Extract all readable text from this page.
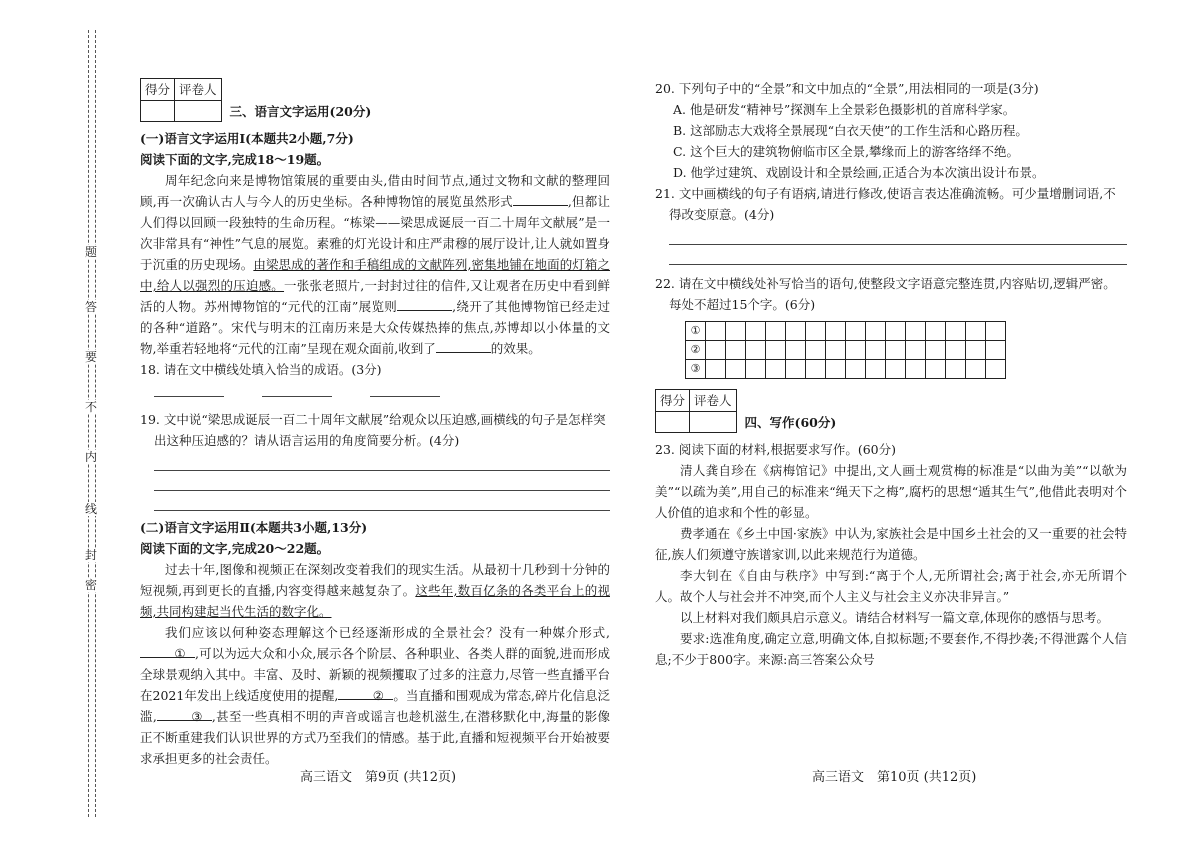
题
答
要
不
内
线
封
密
得分	评卷人

三、语言文字运用(20分)
(一)语言文字运用Ⅰ(本题共2小题,7分)
阅读下面的文字,完成18～19题。
周年纪念向来是博物馆策展的重要由头,借由时间节点,通过文物和文献的整理回顾,再一次确认古人与今人的历史坐标。各种博物馆的展览虽然形式	,但都让人们得以回顾一段独特的生命历程。“栋梁——梁思成诞辰一百二十周年文献展”是一次非常具有“神性”气息的展览。素雅的灯光设计和庄严肃穆的展厅设计,让人就如置身于沉重的历史现场。由梁思成的著作和手稿组成的文献阵列,密集地铺在地面的灯箱之中,给人以强烈的压迫感。一张张老照片,一封封过往的信件,又让观者在历史中看到鲜活的人物。苏州博物馆的“元代的江南”展览则	,绕开了其他博物馆已经走过的各种“道路”。宋代与明末的江南历来是大众传媒热捧的焦点,苏博却以小体量的文物,举重若轻地将“元代的江南”呈现在观众面前,收到了	的效果。
18. 请在文中横线处填入恰当的成语。(3分)
19. 文中说“梁思成诞辰一百二十周年文献展”给观众以压迫感,画横线的句子是怎样突出这种压迫感的？请从语言运用的角度简要分析。(4分)
(二)语言文字运用Ⅱ(本题共3小题,13分)
阅读下面的文字,完成20～22题。
过去十年,图像和视频正在深刻改变着我们的现实生活。从最初十几秒到十分钟的短视频,再到更长的直播,内容变得越来越复杂了。这些年,数百亿条的各类平台上的视频,共同构建起当代生活的数字化。
我们应该以何种姿态理解这个已经逐渐形成的全景社会？没有一种媒介形式,① ,可以为远大众和小众,展示各个阶层、各种职业、各类人群的面貌,进而形成全球景观纳入其中。丰富、及时、新颖的视频攫取了过多的注意力,尽管一些直播平台在2021年发出上线适度使用的提醒,	② 。当直播和围观成为常态,碎片化信息泛滥,	③ ,甚至一些真相不明的声音或谣言也趁机滋生,在潜移默化中,海量的影像正不断重建我们认识世界的方式乃至我们的情感。基于此,直播和短视频平台开始被要求承担更多的社会责任。
高三语文　第9页 (共12页)
20. 下列句子中的“全景”和文中加点的“全景”,用法相同的一项是(3分)
A. 他是研发“精神号”探测车上全景彩色摄影机的首席科学家。
B. 这部励志大戏将全景展现“白衣天使”的工作生活和心路历程。
C. 这个巨大的建筑物俯临市区全景,攀缘而上的游客络绎不绝。
D. 他学过建筑、戏剧设计和全景绘画,正适合为本次演出设计布景。
21. 文中画横线的句子有语病,请进行修改,使语言表达准确流畅。可少量增删词语,不得改变原意。(4分)
22. 请在文中横线处补写恰当的语句,使整段文字语意完整连贯,内容贴切,逻辑严密。每处不超过15个字。(6分)
①															
②															
③															
得分	评卷人

四、写作(60分)
23. 阅读下面的材料,根据要求写作。(60分)
清人龚自珍在《病梅馆记》中提出,文人画士观赏梅的标准是“以曲为美”“以欹为美”“以疏为美”,用自己的标准来“绳天下之梅”,腐朽的思想“遁其生气”,他借此表明对个人价值的追求和个性的彰显。
费孝通在《乡土中国·家族》中认为,家族社会是中国乡土社会的又一重要的社会特征,族人们须遵守族谱家训,以此来规范行为道德。
李大钊在《自由与秩序》中写到:“离于个人,无所谓社会;离于社会,亦无所谓个人。故个人与社会并不冲突,而个人主义与社会主义亦决非异言。”
以上材料对我们颇具启示意义。请结合材料写一篇文章,体现你的感悟与思考。
要求:选准角度,确定立意,明确文体,自拟标题;不要套作,不得抄袭;不得泄露个人信息;不少于800字。来源:高三答案公众号
高三语文　第10页 (共12页)
